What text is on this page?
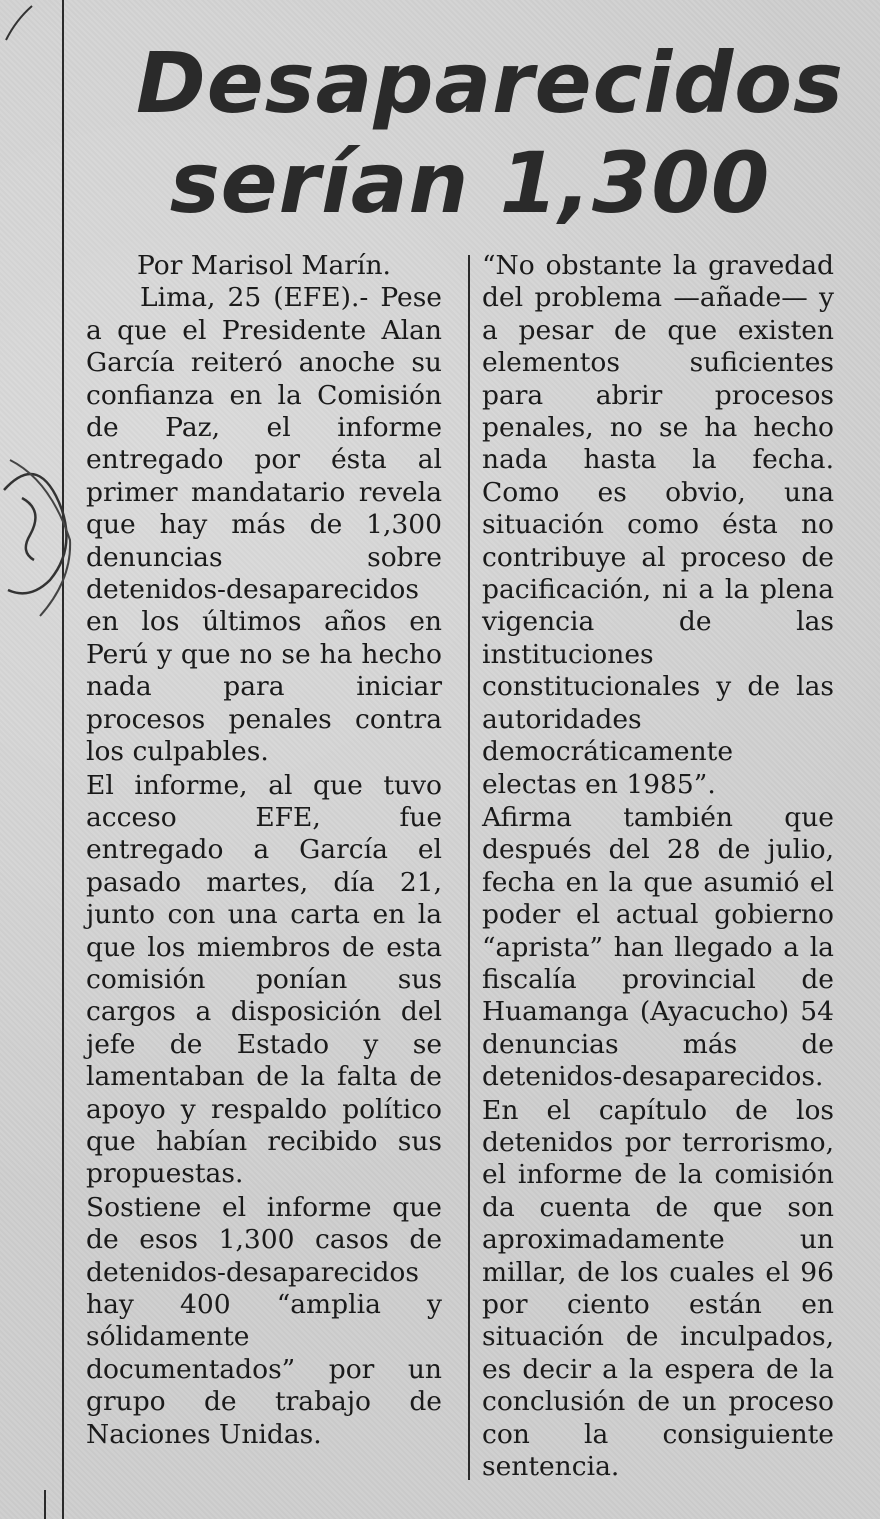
Desaparecidos
serían 1,300

Por Marisol Marín.

Lima, 25 (EFE).- Pese a que el Presidente Alan García reiteró anoche su confianza en la Comisión de Paz, el informe entregado por ésta al primer mandatario revela que hay más de 1,300 denuncias sobre detenidos-desaparecidos en los últimos años en Perú y que no se ha hecho nada para iniciar procesos penales contra los culpables.

El informe, al que tuvo acceso EFE, fue entregado a García el pasado martes, día 21, junto con una carta en la que los miembros de esta comisión ponían sus cargos a disposición del jefe de Estado y se lamentaban de la falta de apoyo y respaldo político que habían recibido sus propuestas.

Sostiene el informe que de esos 1,300 casos de detenidos-desaparecidos hay 400 “amplia y sólidamente documentados” por un grupo de trabajo de Naciones Unidas.

“No obstante la gravedad del problema —añade— y a pesar de que existen elementos suficientes para abrir procesos penales, no se ha hecho nada hasta la fecha. Como es obvio, una situación como ésta no contribuye al proceso de pacificación, ni a la plena vigencia de las instituciones constitucionales y de las autoridades democráticamente electas en 1985”.

Afirma también que después del 28 de julio, fecha en la que asumió el poder el actual gobierno “aprista” han llegado a la fiscalía provincial de Huamanga (Ayacucho) 54 denuncias más de detenidos-desaparecidos.

En el capítulo de los detenidos por terrorismo, el informe de la comisión da cuenta de que son aproximadamente un millar, de los cuales el 96 por ciento están en situación de inculpados, es decir a la espera de la conclusión de un proceso con la consiguiente sentencia.
